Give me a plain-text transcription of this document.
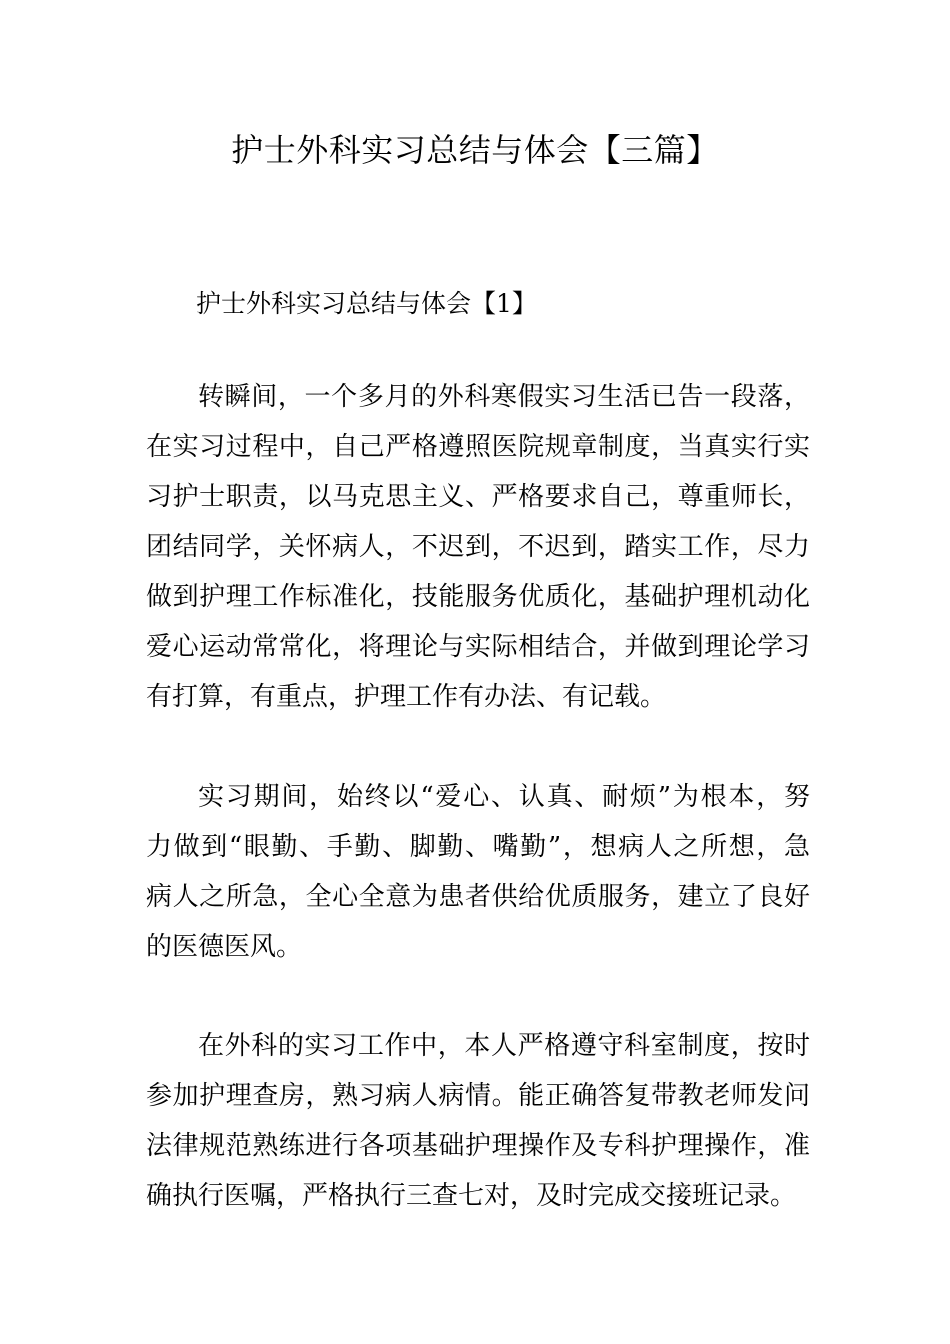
护士外科实习总结与体会【三篇】
护士外科实习总结与体会【1】
转瞬间，一个多月的外科寒假实习生活已告一段落，
在实习过程中，自己严格遵照医院规章制度，当真实行实
习护士职责，以马克思主义、严格要求自己，尊重师长，
团结同学，关怀病人，不迟到，不迟到，踏实工作，尽力
做到护理工作标准化，技能服务优质化，基础护理机动化
爱心运动常常化，将理论与实际相结合，并做到理论学习
有打算，有重点，护理工作有办法、有记载。
实习期间，始终以“爱心、认真、耐烦”为根本，努
力做到“眼勤、手勤、脚勤、嘴勤”，想病人之所想，急
病人之所急，全心全意为患者供给优质服务，建立了良好
的医德医风。
在外科的实习工作中，本人严格遵守科室制度，按时
参加护理查房，熟习病人病情。能正确答复带教老师发问
法律规范熟练进行各项基础护理操作及专科护理操作，准
确执行医嘱，严格执行三查七对，及时完成交接班记录。
